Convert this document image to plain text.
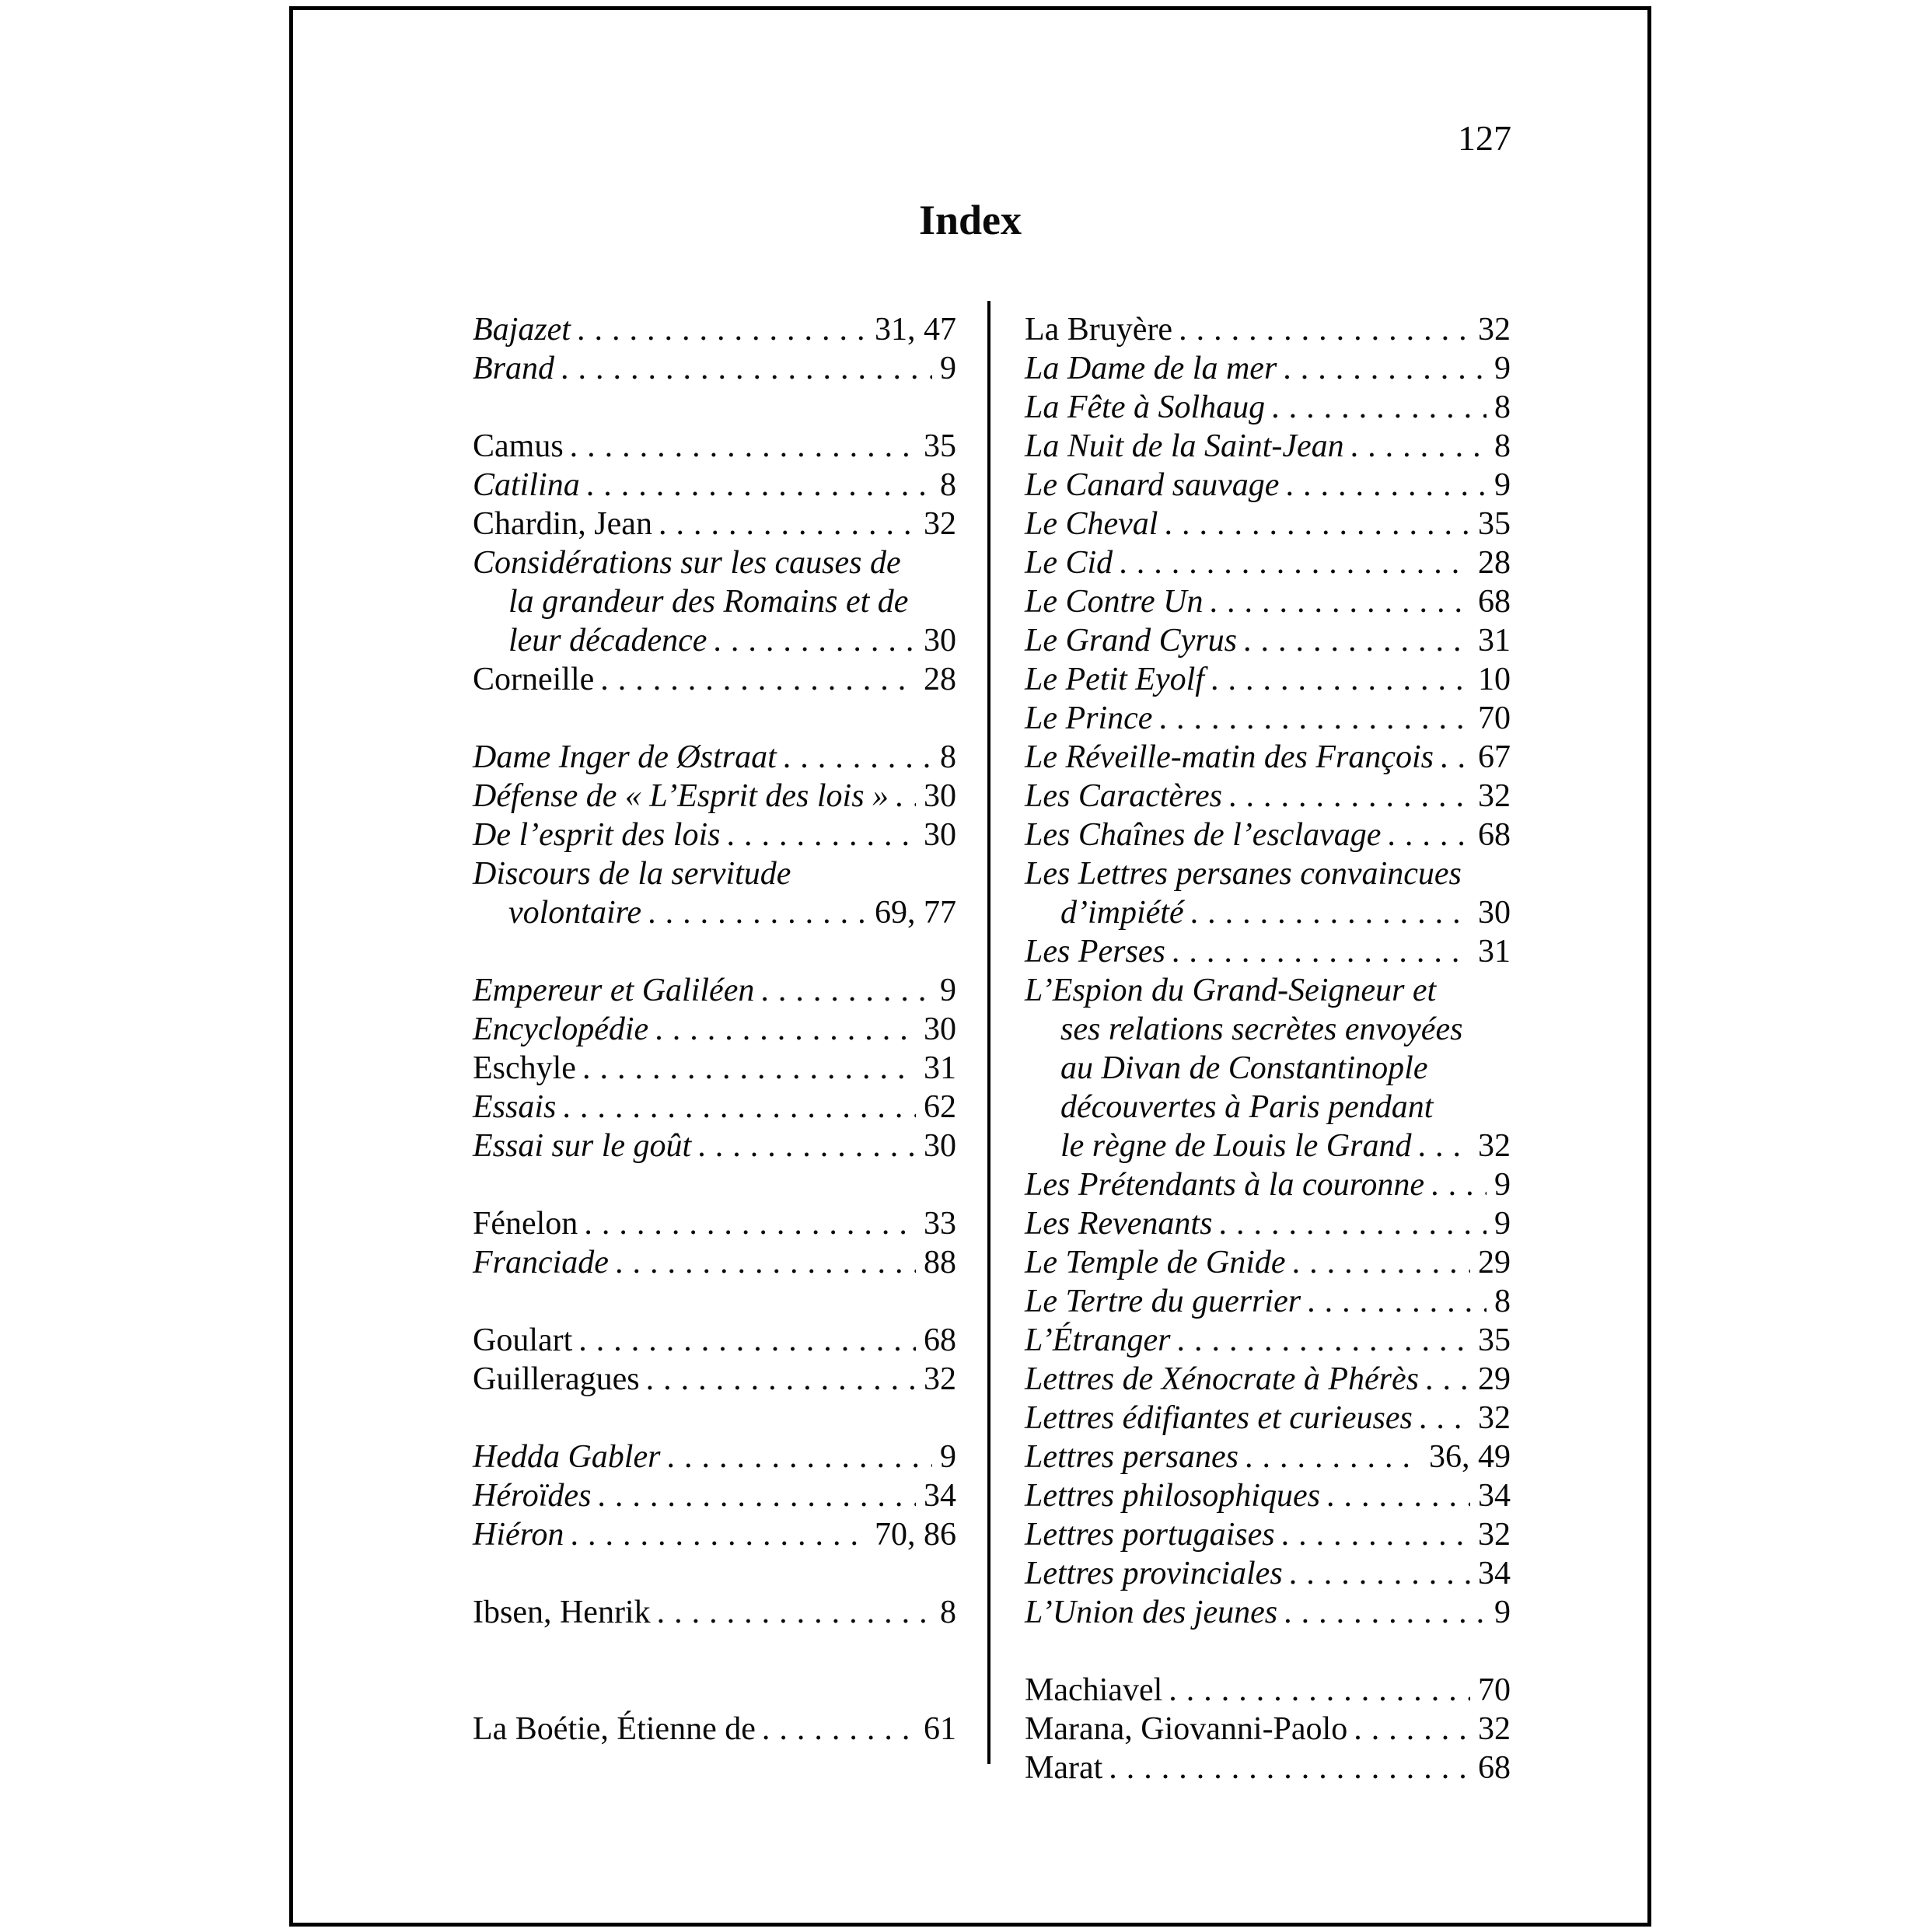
127
Index
Bajazet .....	31, 47
Brand .....	9
Camus .....	35
Catilina .....	8
Chardin, Jean .....	32
Considérations sur les causes de
la grandeur des Romains et de
leur décadence .....	30
Corneille .....	28
Dame Inger de Østraat .....	8
Défense de « L’Esprit des lois » ..... 30
De l’esprit des lois .....	30
Discours de la servitude
volontaire .....	69, 77
Empereur et Galiléen .....	9
Encyclopédie .....	30
Eschyle .....	31
Essais .....	62
Essai sur le goût .....	30
Fénelon .....	33
Franciade .....	88
Goulart .....	68
Guilleragues .....	32
Hedda Gabler .....	9
Héroïdes .....	34
Hiéron .....	70, 86
Ibsen, Henrik .....	8
La Boétie, Étienne de .....	61
La Bruyère .....	32
La Dame de la mer .....	9
La Fête à Solhaug .....	8
La Nuit de la Saint-Jean .....	8
Le Canard sauvage .....	9
Le Cheval .....	35
Le Cid .....	28
Le Contre Un .....	68
Le Grand Cyrus .....	31
Le Petit Eyolf .....	10
Le Prince .....	70
Le Réveille-matin des François ..... 67
Les Caractères .....	32
Les Chaînes de l’esclavage .....	68
Les Lettres persanes convaincues
d’impiété .....	30
Les Perses .....	31
L’Espion du Grand-Seigneur et
ses relations secrètes envoyées
au Divan de Constantinople
découvertes à Paris pendant
le règne de Louis le Grand ..... 32
Les Prétendants à la couronne ..... 9
Les Revenants .....	9
Le Temple de Gnide .....	29
Le Tertre du guerrier .....	8
L’Étranger .....	35
Lettres de Xénocrate à Phérès ..... 29
Lettres édifiantes et curieuses ..... 32
Lettres persanes .....	36, 49
Lettres philosophiques .....	34
Lettres portugaises .....	32
Lettres provinciales .....	34
L’Union des jeunes .....	9
Machiavel .....	70
Marana, Giovanni-Paolo .....	32
Marat .....	68
